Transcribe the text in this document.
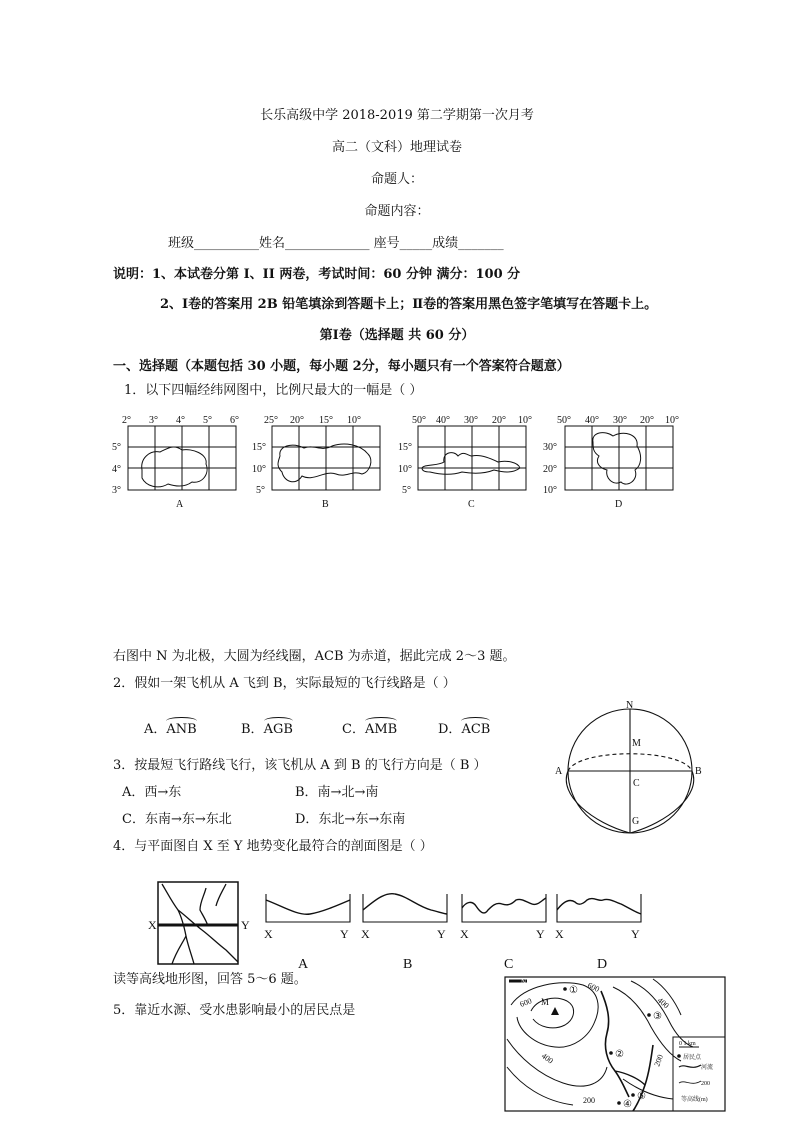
长乐高级中学 2018-2019 第二学期第一次月考
高二（文科）地理试卷
命题人：
命题内容：
班级__________姓名_____________ 座号_____成绩_______
说明：1、本试卷分第 I、II 两卷，考试时间：60 分钟 满分：100 分
2、Ⅰ卷的答案用 2B 铅笔填涂到答题卡上；Ⅱ卷的答案用黑色签字笔填写在答题卡上。
第Ⅰ卷（选择题 共 60 分）
一、选择题（本题包括 30 小题，每小题 2分，每小题只有一个答案符合题意）
1．以下四幅经纬网图中，比例尺最大的一幅是（ ）
2° 3° 4° 5° 6°
5°
4°
3°
A
25° 20° 15° 10°
15°
10°
5°
B
50° 40° 30° 20° 10°
15°
10°
5°
C
50° 40° 30° 20° 10°
30°
20°
10°
D
右图中 N 为北极，大圆为经线圈，ACB 为赤道，据此完成 2～3 题。
2．假如一架飞机从 A 飞到 B，实际最短的飞行线路是（ ）
A．ANB	B．AGB	C．AMB	D．ACB
3．按最短飞行路线飞行，该飞机从 A 到 B 的飞行方向是（ B ）
A．西→东	B．南→北→南
C．东南→东→东北	D．东北→东→东南
N
M
A
C
B
G
4．与平面图自 X 至 Y 地势变化最符合的剖面图是（ ）
X	Y
X	Y
A
X	Y
B
X	Y
C
X	Y
D
读等高线地形图，回答 5～6 题。
5．靠近水源、受水患影响最小的居民点是
N
M
600
600
400
200
200
400
①
②
③
④
⑤
0 1 km
居民点
河流
200
等高线(m)
